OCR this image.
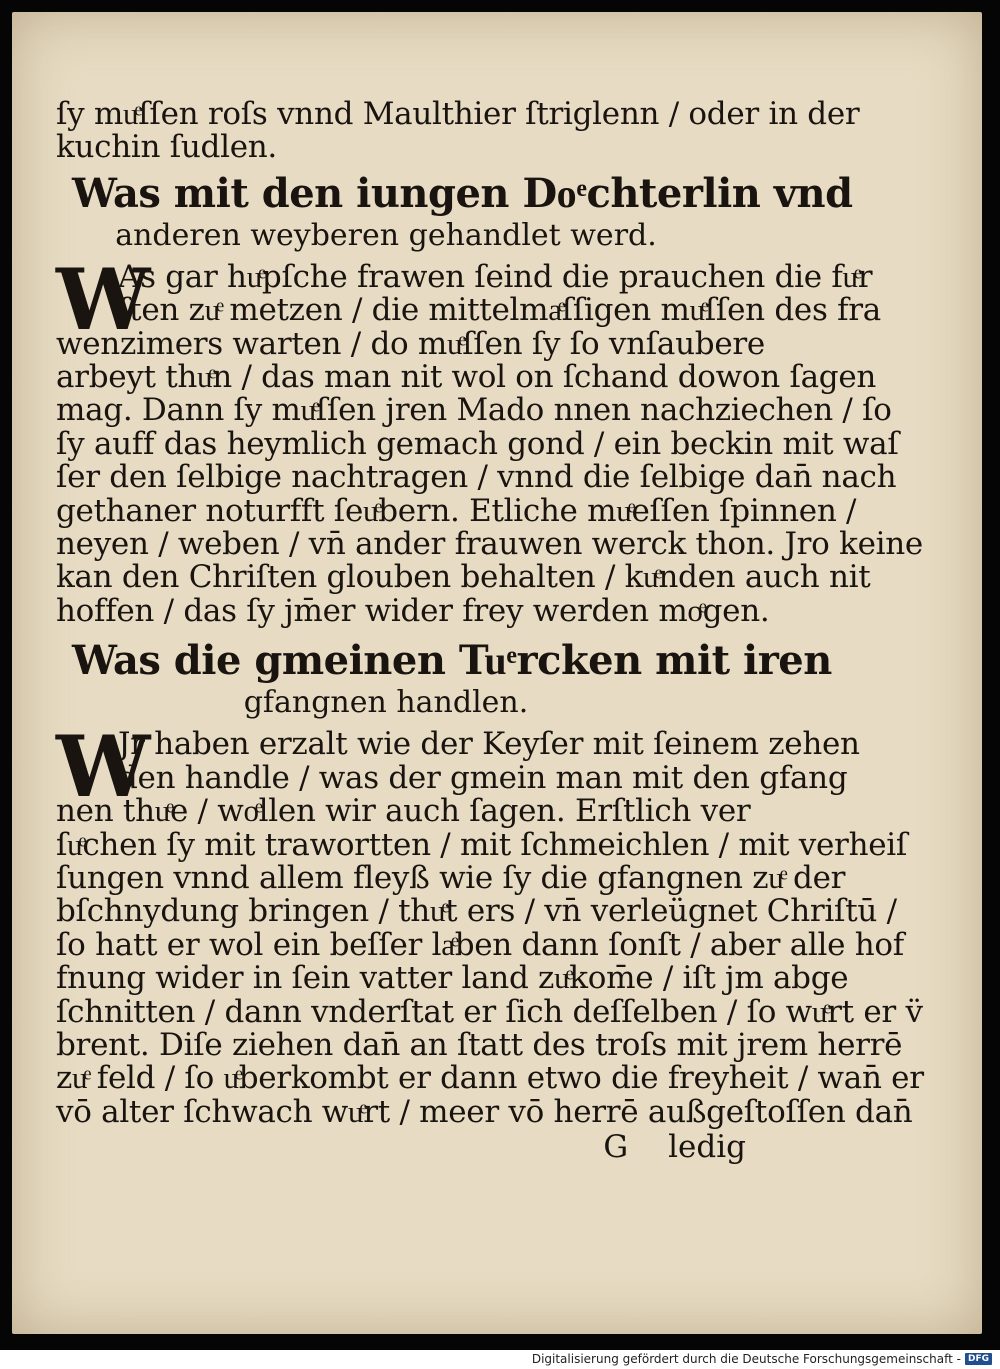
ſy muͤſſen roſs vnnd Maulthier ſtriglenn / oder in der
kuchin ſudlen.
Was mit den iungen Doͤchterlin vnd
anderen weyberen gehandlet werd.
W
As gar huͤpſche frawen ſeind die prauchen die fuͤr
ſten zuͤ metzen / die mittelmaͤſſigen muͤſſen des fra
wenzimers warten / do muͤſſen ſy ſo vnſaubere
arbeyt thuͤn / das man nit wol on ſchand dowon ſagen
mag. Dann ſy muͤſſen jren Mado nnen nachziechen / ſo
ſy auff das heymlich gemach gond / ein beckin mit waſ
ſer den ſelbige nachtragen / vnnd die ſelbige dan̄ nach
gethaner noturfft ſeuͤbern. Etliche muͤeſſen ſpinnen /
neyen / weben / vn̄ ander frauwen werck thon. Jro keine
kan den Chriſten glouben behalten / kuͤnden auch nit
hoffen / das ſy jm̄er wider frey werden moͤgen.
Was die gmeinen Tuͤrcken mit iren
gfangnen handlen.
W
Jr haben erzalt wie der Keyſer mit ſeinem zehen
den handle / was der gmein man mit den gfang
nen thuͤe / woͤllen wir auch ſagen. Erſtlich ver
ſuͤchen ſy mit trawortten / mit ſchmeichlen / mit verheiſ
ſungen vnnd allem fleyß wie ſy die gfangnen zuͤ der
bſchnydung bringen / thuͤt ers / vn̄ verleügnet Chriſtū /
ſo hatt er wol ein beſſer laͤben dann ſonſt / aber alle hof
fnung wider in ſein vatter land zuͤkom̄e / iſt jm abge
ſchnitten / dann vnderſtat er ſich deſſelben / ſo wuͤrt er v̈
brent. Diſe ziehen dan̄ an ſtatt des troſs mit jrem herrē
zuͤ feld / ſo uͤberkombt er dann etwo die freyheit / wan̄ er
vō alter ſchwach wuͤrt / meer vō herrē außgeſtoſſen dan̄
G ledig
Digitalisierung gefördert durch die Deutsche Forschungsgemeinschaft - DFG
